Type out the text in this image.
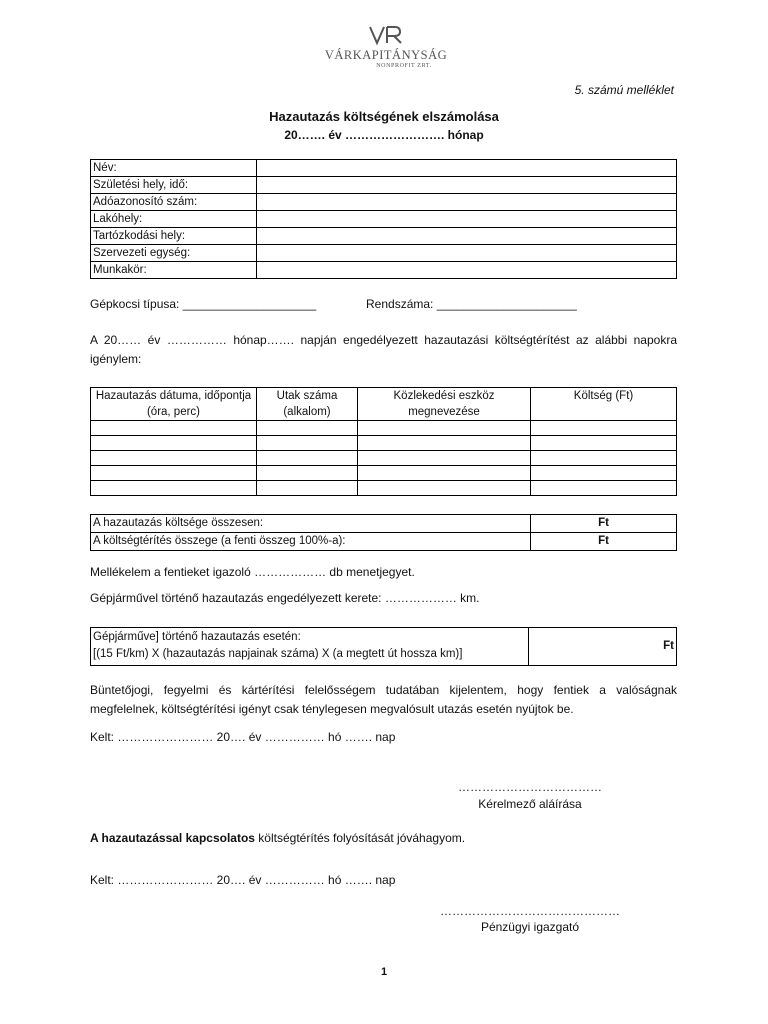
VÁRKAPITÁNYSÁG
NONPROFIT ZRT.
5. számú melléklet
Hazautazás költségének elszámolása
20……. év ……………………. hónap
Név:	
Születési hely, idő:	
Adóazonosító szám:	
Lakóhely:	
Tartózkodási hely:	
Szervezeti egység:	
Munkakör:	
Gépkocsi típusa: ____________________	Rendszáma: _____________________
A 20…… év …………… hónap……. napján engedélyezett hazautazási költségtérítést az alábbi napokra igénylem:
Hazautazás dátuma, időpontja (óra, perc)	Utak száma (alkalom)	Közlekedési eszköz megnevezése	Költség (Ft)

A hazautazás költsége összesen:	Ft
A költségtérítés összege (a fenti összeg 100%-a):	Ft
Mellékelem a fentieket igazoló ……………… db menetjegyet.
Gépjárművel történő hazautazás engedélyezett kerete: ……………… km.
Gépjárműve] történő hazautazás esetén:
[(15 Ft/km) X (hazautazás napjainak száma) X (a megtett út hossza km)]
	Ft
Büntetőjogi, fegyelmi és kártérítési felelősségem tudatában kijelentem, hogy fentiek a valóságnak megfelelnek, költségtérítési igényt csak ténylegesen megvalósult utazás esetén nyújtok be.
Kelt: …………………… 20…. év …………… hó ……. nap
………………………………
Kérelmező aláírása
A hazautazással kapcsolatos költségtérítés folyósítását jóváhagyom.
Kelt: …………………… 20…. év …………… hó ……. nap
………………………………………
Pénzügyi igazgató
1
